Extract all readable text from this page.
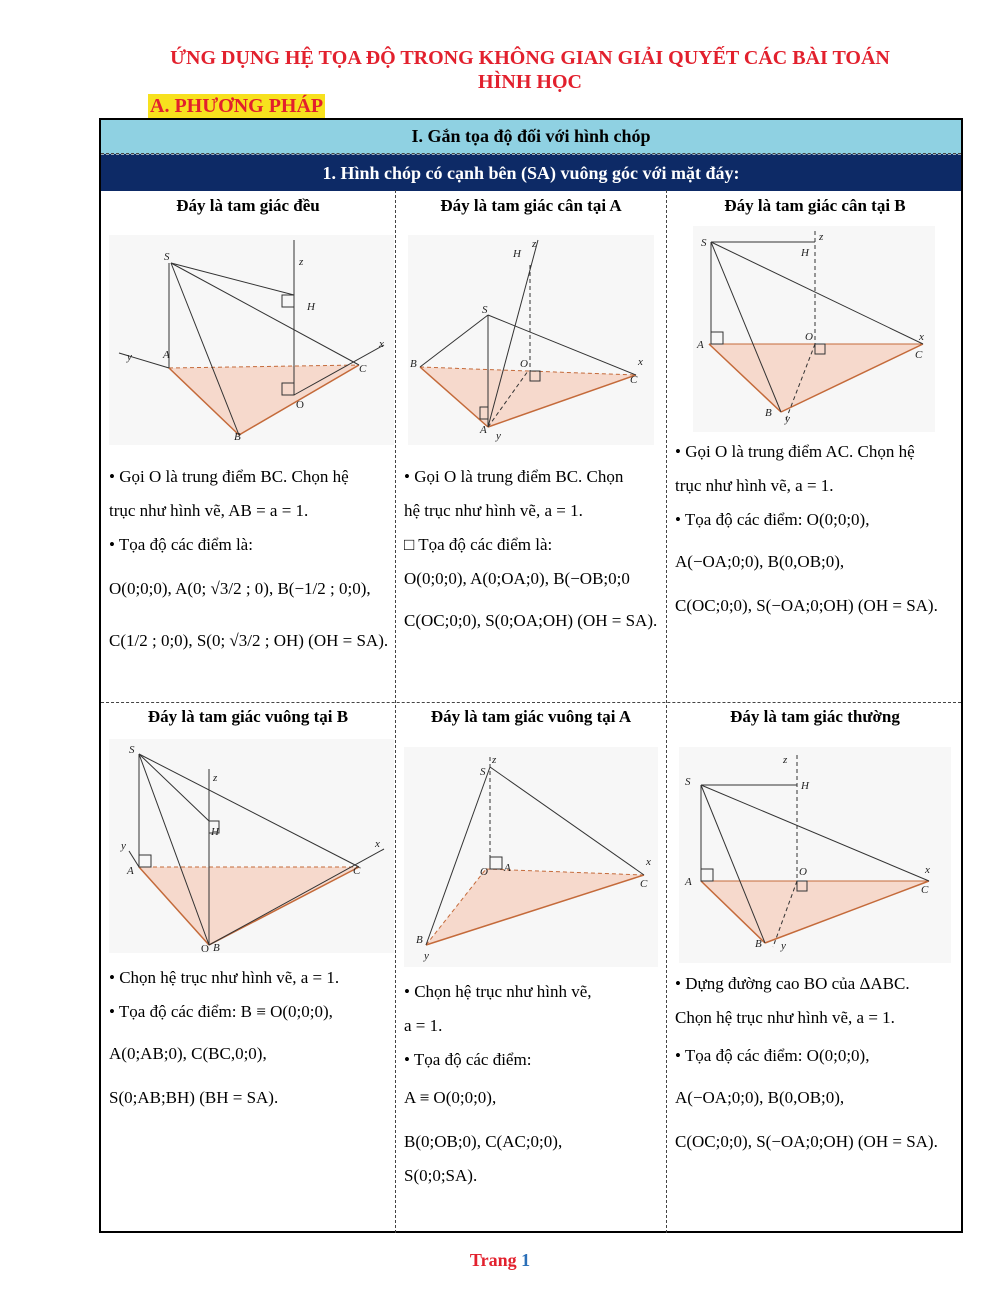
ỨNG DỤNG HỆ TỌA ĐỘ TRONG KHÔNG GIAN GIẢI QUYẾT CÁC BÀI TOÁN
HÌNH HỌC
A. PHƯƠNG PHÁP
I. Gắn tọa độ đối với hình chóp
1. Hình chóp có cạnh bên (SA) vuông góc với mặt đáy:
Đáy là tam giác đều
S	z
H
y	A
C
x
B
O

• Gọi O là trung điểm BC. Chọn hệ

trục như hình vẽ, AB = a = 1.

• Tọa độ các điểm là:

O(0;0;0), A(0; √3/2 ; 0), B(−1/2 ; 0;0),

C(1/2 ; 0;0), S(0; √3/2 ; OH) (OH = SA).

Đáy là tam giác cân tại A
z
H
S
B	O
C
x
A y

• Gọi O là trung điểm BC. Chọn

hệ trục như hình vẽ, a = 1.

□ Tọa độ các điểm là:

O(0;0;0), A(0;OA;0), B(−OB;0;0

C(OC;0;0), S(0;OA;OH) (OH = SA).

Đáy là tam giác cân tại B
S	z
H
A
O	x
C
B y

• Gọi O là trung điểm AC. Chọn hệ

trục như hình vẽ, a = 1.

• Tọa độ các điểm: O(0;0;0),

A(−OA;0;0), B(0,OB;0),

C(OC;0;0), S(−OA;0;OH) (OH = SA).

Đáy là tam giác vuông tại B
S
z
H
y
A	C
x
B
O

• Chọn hệ trục như hình vẽ, a = 1.

• Tọa độ các điểm: B ≡ O(0;0;0),

A(0;AB;0), C(BC,0;0),

S(0;AB;BH) (BH = SA).

Đáy là tam giác vuông tại A
z
S
A
O
x
C
B
y

• Chọn hệ trục như hình vẽ,

a = 1.

• Tọa độ các điểm:

A ≡ O(0;0;0),

B(0;OB;0), C(AC;0;0),

S(0;0;SA).

Đáy là tam giác thường
S
z
H
A
O	x
C
B y

• Dựng đường cao BO của ΔABC.

Chọn hệ trục như hình vẽ, a = 1.

• Tọa độ các điểm: O(0;0;0),

A(−OA;0;0), B(0,OB;0),

C(OC;0;0), S(−OA;0;OH) (OH = SA).

Trang 1
